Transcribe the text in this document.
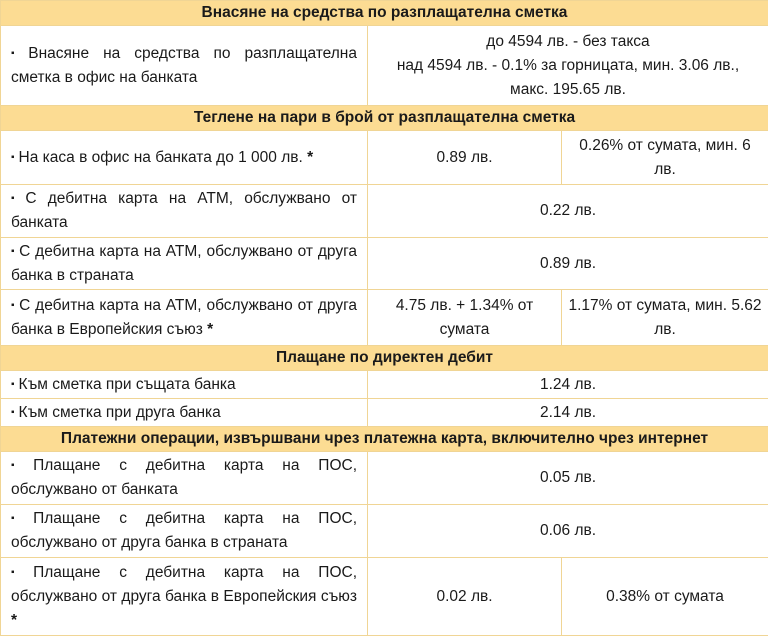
Внасяне на средства по разплащателна сметка		
▪ Внасяне на средства по разплащателна сметка в офис на банката	до 4594 лв. - без такса
над 4594 лв. - 0.1% за горницата, мин. 3.06 лв.,
макс. 195.65 лв.	

Теглене на пари в брой от разплащателна сметка		
▪ На каса в офис на банката до 1 000 лв. *	0.89 лв.	0.26% от сумата, мин. 6 лв.
▪ С дебитна карта на АТМ, обслужвано от банката	0.22 лв.	
▪ С дебитна карта на АТМ, обслужвано от друга банка в страната	0.89 лв.	
▪ С дебитна карта на АТМ, обслужвано от друга банка в Европейския съюз *	4.75 лв. + 1.34% от сумата	1.17% от сумата, мин. 5.62 лв.
Плащане по директен дебит		
▪ Към сметка при същата банка	1.24 лв.	
▪ Към сметка при друга банка	2.14 лв.	
Платежни операции, извършвани чрез платежна карта, включително чрез интернет		
▪ Плащане с дебитна карта на ПОС, обслужвано от банката	0.05 лв.	
▪ Плащане с дебитна карта на ПОС, обслужвано от друга банка в страната	0.06 лв.	
▪ Плащане с дебитна карта на ПОС, обслужвано от друга банка в Европейския съюз *	0.02 лв.	0.38% от сумата
